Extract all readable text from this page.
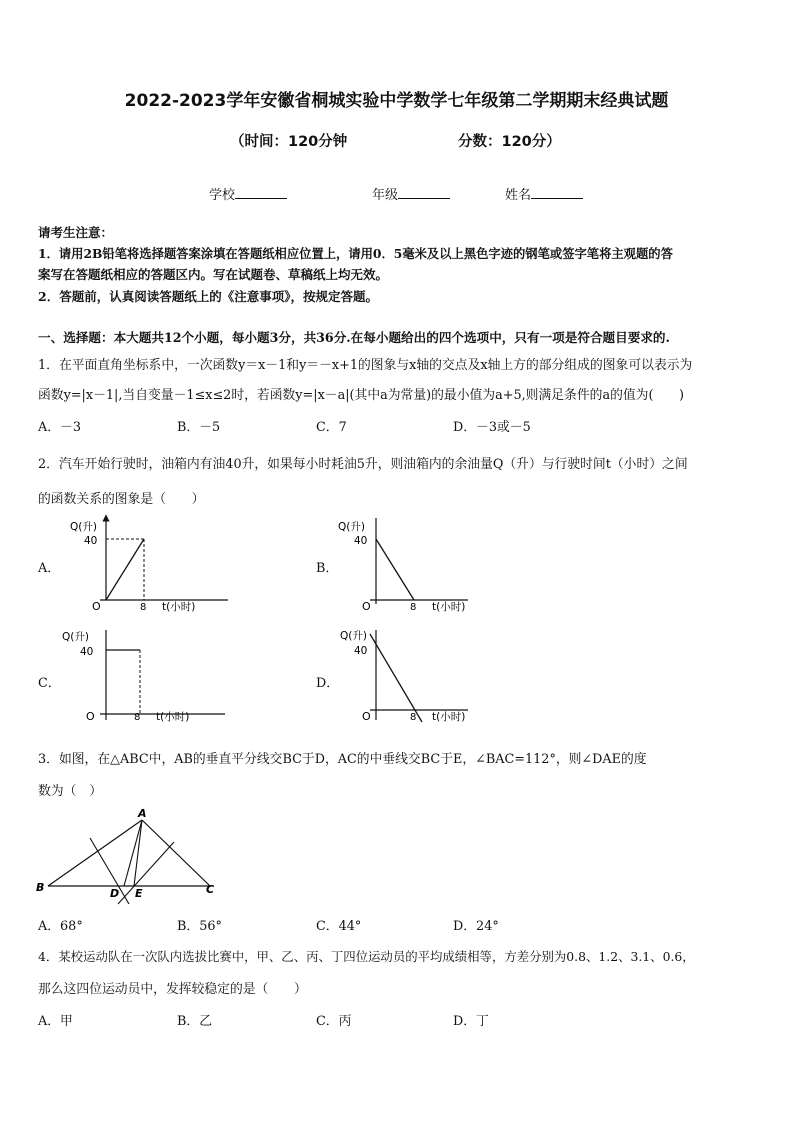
2022-2023学年安徽省桐城实验中学数学七年级第二学期期末经典试题
（时间：120分钟	分数：120分）
学校	年级	姓名
请考生注意：
1．请用2B铅笔将选择题答案涂填在答题纸相应位置上，请用0．5毫米及以上黑色字迹的钢笔或签字笔将主观题的答
案写在答题纸相应的答题区内。写在试题卷、草稿纸上均无效。
2．答题前，认真阅读答题纸上的《注意事项》，按规定答题。
一、选择题：本大题共12个小题，每小题3分，共36分.在每小题给出的四个选项中，只有一项是符合题目要求的.
1．在平面直角坐标系中，一次函数y＝x－1和y＝－x+1的图象与x轴的交点及x轴上方的部分组成的图象可以表示为
函数y=|x－1|,当自变量－1≤x≤2时，若函数y=|x－a|(其中a为常量)的最小值为a+5,则满足条件的a的值为(　　)
A．－3	B．－5	C．7	D．－3或－5
2．汽车开始行驶时，油箱内有油40升，如果每小时耗油5升，则油箱内的余油量Q（升）与行驶时间t（小时）之间
的函数关系的图象是（　　）
A．	B．
C．	D．
Q(升)
40
O	8 t(小时)
Q(升)
40
O	8 t(小时)
Q(升)
40
O	8 t(小时)
Q(升)
40
O	8 t(小时)
3．如图，在△ABC中，AB的垂直平分线交BC于D，AC的中垂线交BC于E，∠BAC=112°，则∠DAE的度
数为（　）
A
B	C
D E
A．68°	B．56°	C．44°	D．24°
4．某校运动队在一次队内选拔比赛中，甲、乙、丙、丁四位运动员的平均成绩相等，方差分别为0.8、1.2、3.1、0.6，
那么这四位运动员中，发挥较稳定的是（　　）
A．甲	B．乙	C．丙	D．丁
